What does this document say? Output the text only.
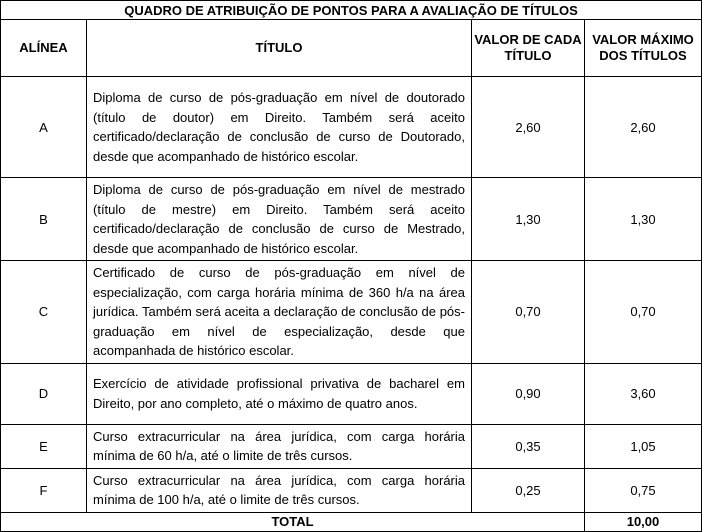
QUADRO DE ATRIBUIÇÃO DE PONTOS PARA A AVALIAÇÃO DE TÍTULOS			
ALÍNEA	TÍTULO	VALOR DE CADA TÍTULO	VALOR MÁXIMO DOS TÍTULOS
A	Diploma de curso de pós-graduação em nível de doutorado (título de doutor) em Direito. Também será aceito certificado/declaração de conclusão de curso de Doutorado, desde que acompanhado de histórico escolar.	2,60	2,60
B	Diploma de curso de pós-graduação em nível de mestrado (título de mestre) em Direito. Também será aceito certificado/declaração de conclusão de curso de Mestrado, desde que acompanhado de histórico escolar.	1,30	1,30
C	Certificado de curso de pós-graduação em nível de especialização, com carga horária mínima de 360 h/a na área jurídica. Também será aceita a declaração de conclusão de pós-graduação em nível de especialização, desde que acompanhada de histórico escolar.	0,70	0,70
D	Exercício de atividade profissional privativa de bacharel em Direito, por ano completo, até o máximo de quatro anos.	0,90	3,60
E	Curso extracurricular na área jurídica, com carga horária mínima de 60 h/a, até o limite de três cursos.	0,35	1,05
F	Curso extracurricular na área jurídica, com carga horária mínima de 100 h/a, até o limite de três cursos.	0,25	0,75
TOTAL			10,00
